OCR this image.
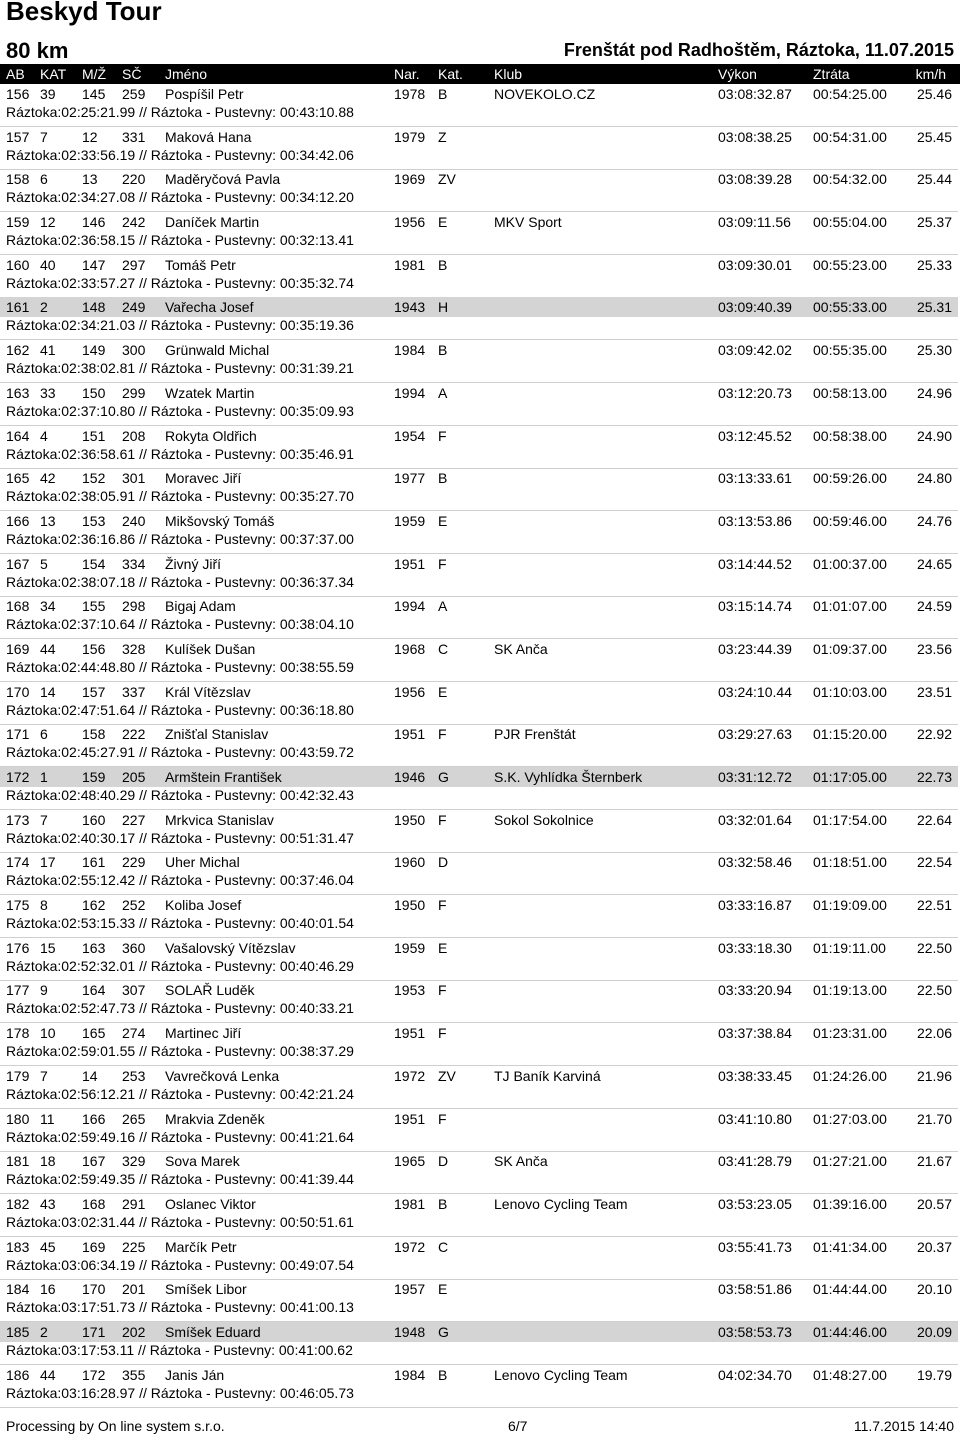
Beskyd Tour
80 km	Frenštát pod Radhoštěm, Ráztoka, 11.07.2015
AB KAT M/Ž SČ Jméno	Nar. Kat. Klub	Výkon	Ztráta	km/h
156 39 145 259 Pospíšil Petr	1978 B	NOVEKOLO.CZ	03:08:32.87 00:54:25.00 25.46
Ráztoka:02:25:21.99 // Ráztoka - Pustevny: 00:43:10.88
157 7 12 331 Maková Hana	1979 Z	03:08:38.25 00:54:31.00 25.45
Ráztoka:02:33:56.19 // Ráztoka - Pustevny: 00:34:42.06
158 6 13 220 Maděryčová Pavla	1969 ZV	03:08:39.28 00:54:32.00 25.44
Ráztoka:02:34:27.08 // Ráztoka - Pustevny: 00:34:12.20
159 12 146 242 Daníček Martin	1956 E	MKV Sport	03:09:11.56 00:55:04.00 25.37
Ráztoka:02:36:58.15 // Ráztoka - Pustevny: 00:32:13.41
160 40 147 297 Tomáš Petr	1981 B	03:09:30.01 00:55:23.00 25.33
Ráztoka:02:33:57.27 // Ráztoka - Pustevny: 00:35:32.74
161 2 148 249 Vařecha Josef	1943 H	03:09:40.39 00:55:33.00 25.31
Ráztoka:02:34:21.03 // Ráztoka - Pustevny: 00:35:19.36
162 41 149 300 Grünwald Michal	1984 B	03:09:42.02 00:55:35.00 25.30
Ráztoka:02:38:02.81 // Ráztoka - Pustevny: 00:31:39.21
163 33 150 299 Wzatek Martin	1994 A	03:12:20.73 00:58:13.00 24.96
Ráztoka:02:37:10.80 // Ráztoka - Pustevny: 00:35:09.93
164 4 151 208 Rokyta Oldřich	1954 F	03:12:45.52 00:58:38.00 24.90
Ráztoka:02:36:58.61 // Ráztoka - Pustevny: 00:35:46.91
165 42 152 301 Moravec Jiří	1977 B	03:13:33.61 00:59:26.00 24.80
Ráztoka:02:38:05.91 // Ráztoka - Pustevny: 00:35:27.70
166 13 153 240 Mikšovský Tomáš	1959 E	03:13:53.86 00:59:46.00 24.76
Ráztoka:02:36:16.86 // Ráztoka - Pustevny: 00:37:37.00
167 5 154 334 Živný Jiří	1951 F	03:14:44.52 01:00:37.00 24.65
Ráztoka:02:38:07.18 // Ráztoka - Pustevny: 00:36:37.34
168 34 155 298 Bigaj Adam	1994 A	03:15:14.74 01:01:07.00 24.59
Ráztoka:02:37:10.64 // Ráztoka - Pustevny: 00:38:04.10
169 44 156 328 Kulíšek Dušan	1968 C	SK Anča	03:23:44.39 01:09:37.00 23.56
Ráztoka:02:44:48.80 // Ráztoka - Pustevny: 00:38:55.59
170 14 157 337 Král Vítězslav	1956 E	03:24:10.44 01:10:03.00 23.51
Ráztoka:02:47:51.64 // Ráztoka - Pustevny: 00:36:18.80
171 6 158 222 Znišťal Stanislav	1951 F	PJR Frenštát	03:29:27.63 01:15:20.00 22.92
Ráztoka:02:45:27.91 // Ráztoka - Pustevny: 00:43:59.72
172 1 159 205 Armštein František	1946 G	S.K. Vyhlídka Šternberk	03:31:12.72 01:17:05.00 22.73
Ráztoka:02:48:40.29 // Ráztoka - Pustevny: 00:42:32.43
173 7 160 227 Mrkvica Stanislav	1950 F	Sokol Sokolnice	03:32:01.64 01:17:54.00 22.64
Ráztoka:02:40:30.17 // Ráztoka - Pustevny: 00:51:31.47
174 17 161 229 Uher Michal	1960 D	03:32:58.46 01:18:51.00 22.54
Ráztoka:02:55:12.42 // Ráztoka - Pustevny: 00:37:46.04
175 8 162 252 Koliba Josef	1950 F	03:33:16.87 01:19:09.00 22.51
Ráztoka:02:53:15.33 // Ráztoka - Pustevny: 00:40:01.54
176 15 163 360 Vašalovský Vítězslav	1959 E	03:33:18.30 01:19:11.00 22.50
Ráztoka:02:52:32.01 // Ráztoka - Pustevny: 00:40:46.29
177 9 164 307 SOLAŘ Luděk	1953 F	03:33:20.94 01:19:13.00 22.50
Ráztoka:02:52:47.73 // Ráztoka - Pustevny: 00:40:33.21
178 10 165 274 Martinec Jiří	1951 F	03:37:38.84 01:23:31.00 22.06
Ráztoka:02:59:01.55 // Ráztoka - Pustevny: 00:38:37.29
179 7 14 253 Vavrečková Lenka	1972 ZV	TJ Baník Karviná	03:38:33.45 01:24:26.00 21.96
Ráztoka:02:56:12.21 // Ráztoka - Pustevny: 00:42:21.24
180 11 166 265 Mrakvia Zdeněk	1951 F	03:41:10.80 01:27:03.00 21.70
Ráztoka:02:59:49.16 // Ráztoka - Pustevny: 00:41:21.64
181 18 167 329 Sova Marek	1965 D	SK Anča	03:41:28.79 01:27:21.00 21.67
Ráztoka:02:59:49.35 // Ráztoka - Pustevny: 00:41:39.44
182 43 168 291 Oslanec Viktor	1981 B	Lenovo Cycling Team	03:53:23.05 01:39:16.00 20.57
Ráztoka:03:02:31.44 // Ráztoka - Pustevny: 00:50:51.61
183 45 169 225 Marčík Petr	1972 C	03:55:41.73 01:41:34.00 20.37
Ráztoka:03:06:34.19 // Ráztoka - Pustevny: 00:49:07.54
184 16 170 201 Smíšek Libor	1957 E	03:58:51.86 01:44:44.00 20.10
Ráztoka:03:17:51.73 // Ráztoka - Pustevny: 00:41:00.13
185 2 171 202 Smíšek Eduard	1948 G	03:58:53.73 01:44:46.00 20.09
Ráztoka:03:17:53.11 // Ráztoka - Pustevny: 00:41:00.62
186 44 172 355 Janis Ján	1984 B	Lenovo Cycling Team	04:02:34.70 01:48:27.00 19.79
Ráztoka:03:16:28.97 // Ráztoka - Pustevny: 00:46:05.73
Processing by On line system s.r.o.	6/7	11.7.2015 14:40
